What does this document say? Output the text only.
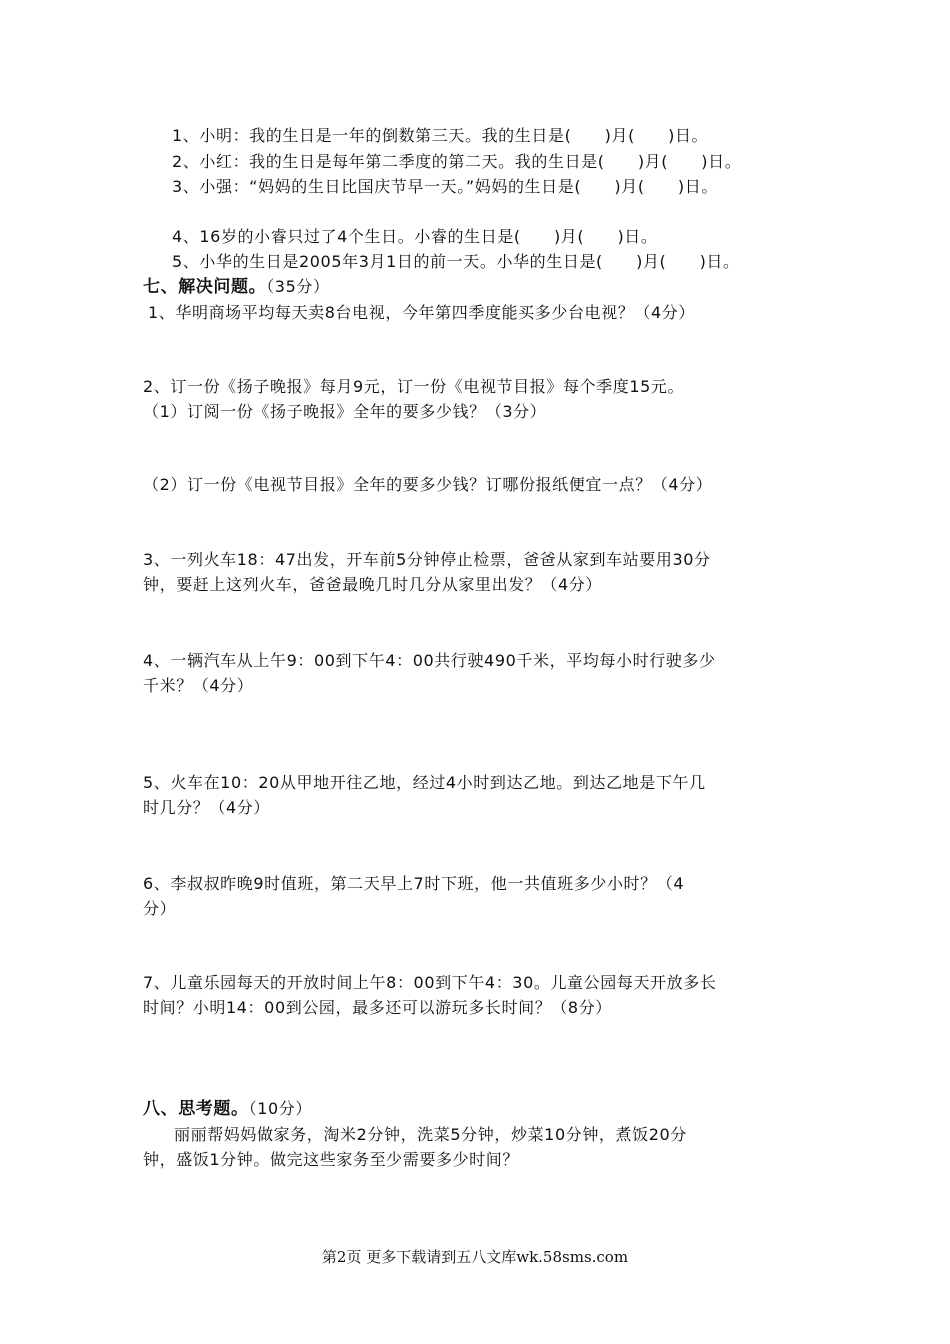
1、小明：我的生日是一年的倒数第三天。我的生日是(　　)月(　　)日。
2、小红：我的生日是每年第二季度的第二天。我的生日是(　　)月(　　)日。
3、小强：“妈妈的生日比国庆节早一天。”妈妈的生日是(　　)月(　　)日。
4、16岁的小睿只过了4个生日。小睿的生日是(　　)月(　　)日。
5、小华的生日是2005年3月1日的前一天。小华的生日是(　　)月(　　)日。
七、解决问题。（35分）
1、华明商场平均每天卖8台电视，今年第四季度能买多少台电视？（4分）
2、订一份《扬子晚报》每月9元，订一份《电视节目报》每个季度15元。
（1）订阅一份《扬子晚报》全年的要多少钱？（3分）
（2）订一份《电视节目报》全年的要多少钱？订哪份报纸便宜一点？（4分）
3、一列火车18：47出发，开车前5分钟停止检票，爸爸从家到车站要用30分
钟，要赶上这列火车，爸爸最晚几时几分从家里出发？（4分）
4、一辆汽车从上午9：00到下午4：00共行驶490千米，平均每小时行驶多少
千米？（4分）
5、火车在10：20从甲地开往乙地，经过4小时到达乙地。到达乙地是下午几
时几分？（4分）
6、李叔叔昨晚9时值班，第二天早上7时下班，他一共值班多少小时？（4
分）
7、儿童乐园每天的开放时间上午8：00到下午4：30。儿童公园每天开放多长
时间？小明14：00到公园，最多还可以游玩多长时间？（8分）
八、思考题。（10分）
丽丽帮妈妈做家务，淘米2分钟，洗菜5分钟，炒菜10分钟，煮饭20分
钟，盛饭1分钟。做完这些家务至少需要多少时间？
第2页 更多下载请到五八文库wk.58sms.com
